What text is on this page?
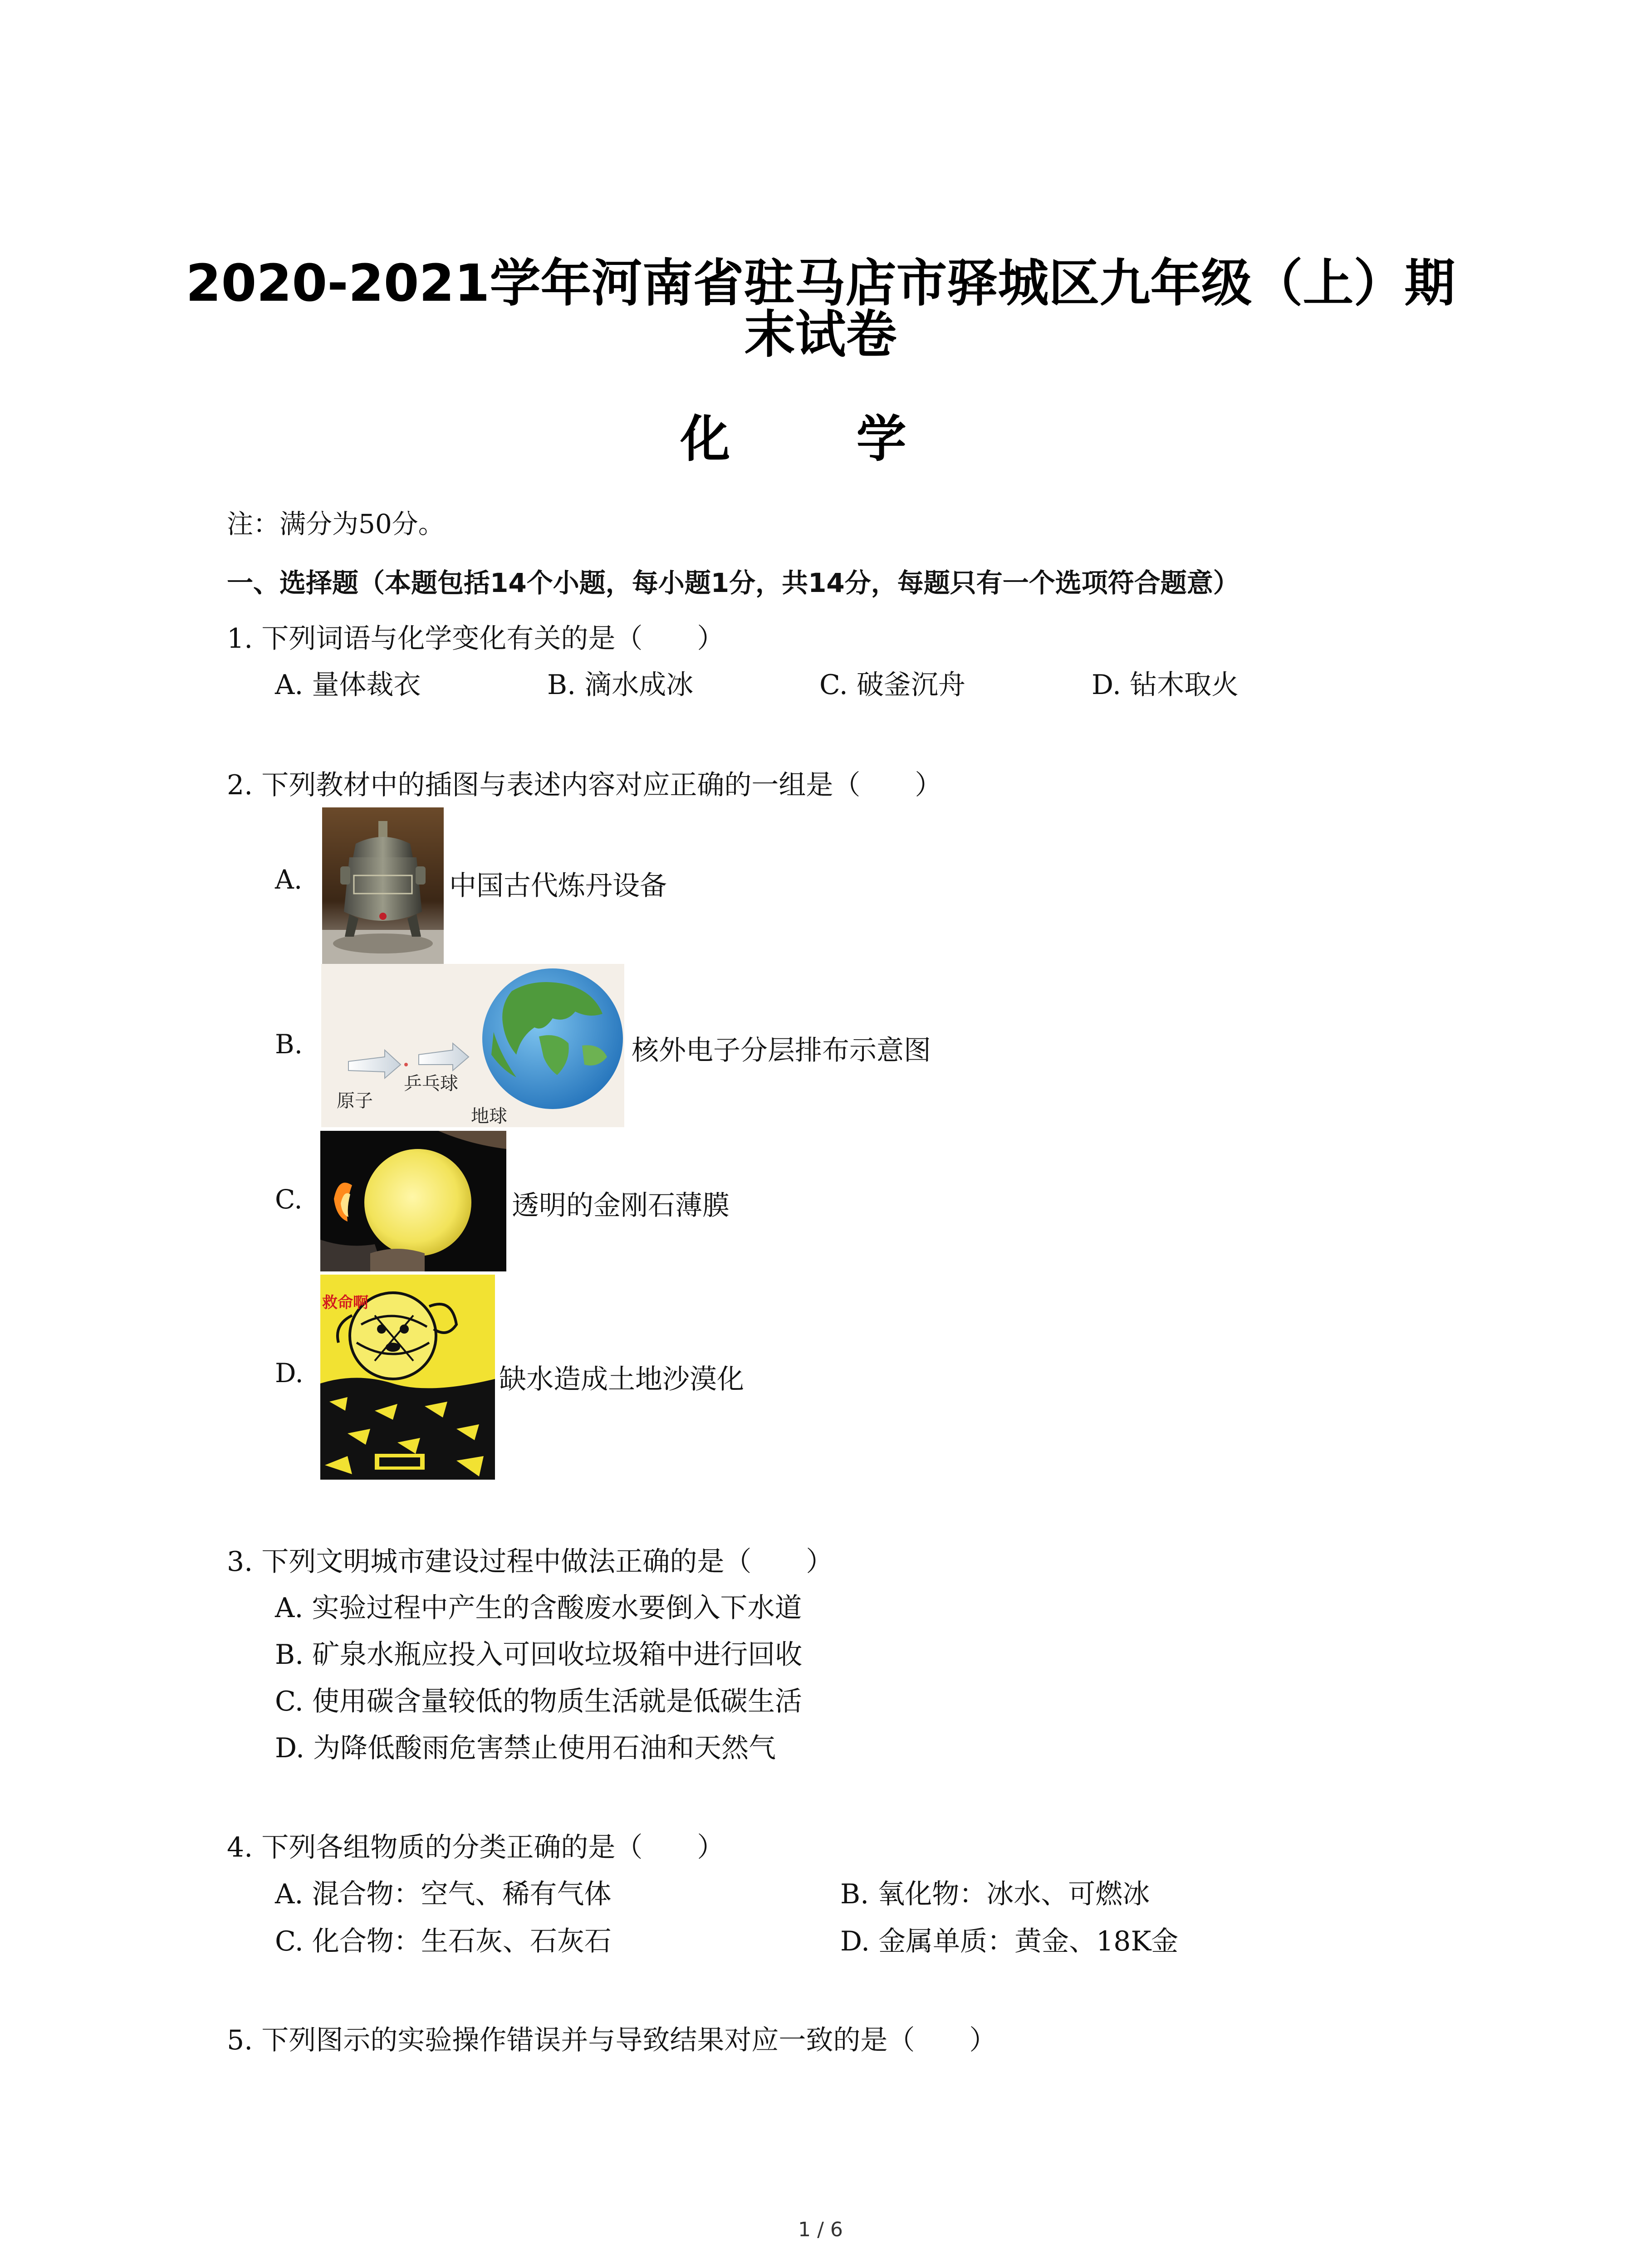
2020-2021学年河南省驻马店市驿城区九年级（上）期
末试卷
化 学
注：满分为50分。
一、选择题（本题包括14个小题，每小题1分，共14分，每题只有一个选项符合题意）
1. 下列词语与化学变化有关的是（　　）
A. 量体裁衣	B. 滴水成冰	C. 破釜沉舟	D. 钻木取火
2. 下列教材中的插图与表述内容对应正确的一组是（　　）
A.	中国古代炼丹设备
B.
原子
乒乓球
地球
核外电子分层排布示意图
C.	透明的金刚石薄膜
D.
救命啊
缺水造成土地沙漠化
3. 下列文明城市建设过程中做法正确的是（　　）
A. 实验过程中产生的含酸废水要倒入下水道
B. 矿泉水瓶应投入可回收垃圾箱中进行回收
C. 使用碳含量较低的物质生活就是低碳生活
D. 为降低酸雨危害禁止使用石油和天然气
4. 下列各组物质的分类正确的是（　　）
A. 混合物：空气、稀有气体	B. 氧化物：冰水、可燃冰
C. 化合物：生石灰、石灰石	D. 金属单质：黄金、18K金
5. 下列图示的实验操作错误并与导致结果对应一致的是（　　）
1 / 6
